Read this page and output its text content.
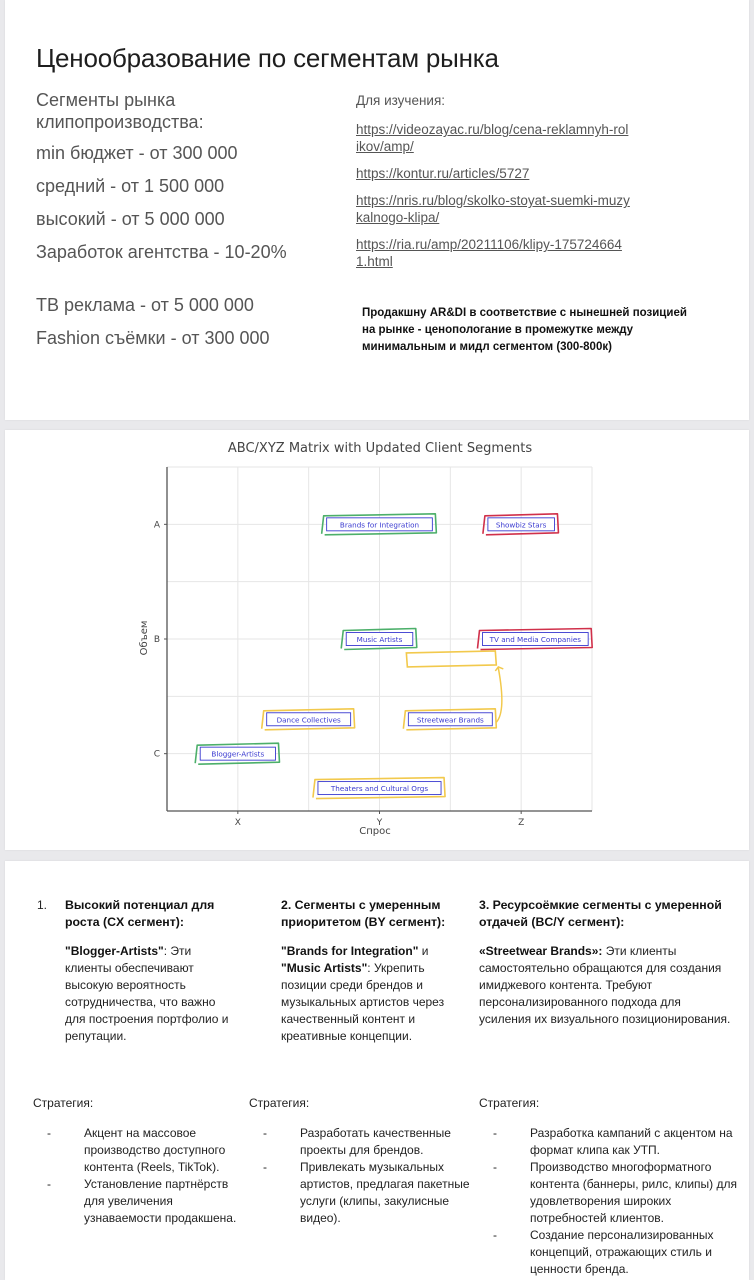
Ценообразование по сегментам рынка
Сегменты рынка клипопроизводства:
min бюджет - от 300 000
средний - от 1 500 000
высокий - от 5 000 000
Заработок агентства - 10-20%
ТВ реклама - от 5 000 000
Fashion съёмки - от 300 000
Для изучения:
https://videozayac.ru/blog/cena-reklamnyh-rolikov/amp/
https://kontur.ru/articles/5727
https://nris.ru/blog/skolko-stoyat-suemki-muzykalnogo-klipa/
https://ria.ru/amp/20211106/klipy-1757246641.html
Продакшну AR&DI в соответствие с нынешней позицией на рынке - ценопологание в промежутке между минимальным и мидл сегментом (300-800к)
ABC/XYZ Matrix with Updated Client Segments
X	Y	Z
A
B
C
Brands for Integration	Showbiz Stars
Music Artists	TV and Media Companies
Dance Collectives	Streetwear Brands
Blogger-Artists
Theaters and Cultural Orgs
Спрос
Объем
1. Высокий потенциал для роста (CX сегмент):
"Blogger-Artists": Эти клиенты обеспечивают высокую вероятность сотрудничества, что важно для построения портфолио и репутации.
Стратегия:
-	Акцент на массовое производство доступного контента (Reels, TikTok).
-	Установление партнёрств для увеличения узнаваемости продакшена.
2. Сегменты с умеренным приоритетом (BY сегмент):
"Brands for Integration" и "Music Artists": Укрепить позиции среди брендов и музыкальных артистов через качественный контент и креативные концепции.
Стратегия:
-	Разработать качественные проекты для брендов.
-	Привлекать музыкальных артистов, предлагая пакетные услуги (клипы, закулисные видео).
3. Ресурсоёмкие сегменты с умеренной отдачей (BC/Y сегмент):
«Streetwear Brands»: Эти клиенты самостоятельно обращаются для создания имиджевого контента. Требуют персонализированного подхода для усиления их визуального позиционирования.
Стратегия:
-	Разработка кампаний с акцентом на формат клипа как УТП.
-	Производство многоформатного контента (баннеры, рилс, клипы) для удовлетворения широких потребностей клиентов.
-	Создание персонализированных концепций, отражающих стиль и ценности бренда.
